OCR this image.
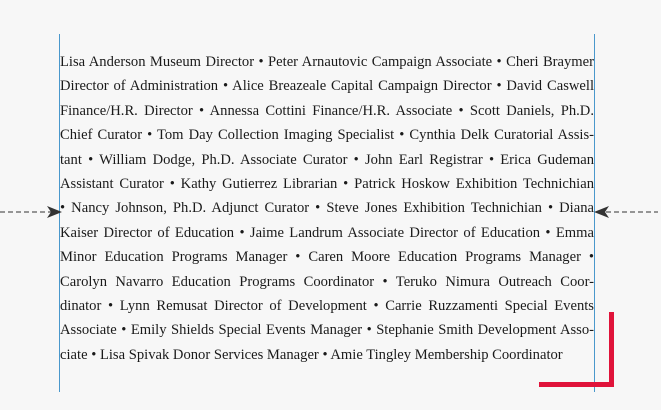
Lisa Anderson Museum Director • Peter Arnautovic Campaign Associate • Cheri Braymer
Director of Administration • Alice Breazeale Capital Campaign Director • David Caswell
Finance/H.R. Director • Annessa Cottini Finance/H.R. Associate • Scott Daniels, Ph.D.
Chief Curator • Tom Day Collection Imaging Specialist • Cynthia Delk Curatorial Assis-
tant • William Dodge, Ph.D. Associate Curator • John Earl Registrar • Erica Gudeman
Assistant Curator • Kathy Gutierrez Librarian • Patrick Hoskow Exhibition Technichian
• Nancy Johnson, Ph.D. Adjunct Curator • Steve Jones Exhibition Technichian • Diana
Kaiser Director of Education • Jaime Landrum Associate Director of Education • Emma
Minor Education Programs Manager • Caren Moore Education Programs Manager •
Carolyn Navarro Education Programs Coordinator • Teruko Nimura Outreach Coor-
dinator • Lynn Remusat Director of Development • Carrie Ruzzamenti Special Events
Associate • Emily Shields Special Events Manager • Stephanie Smith Development Asso-
ciate • Lisa Spivak Donor Services Manager • Amie Tingley Membership Coordinator
